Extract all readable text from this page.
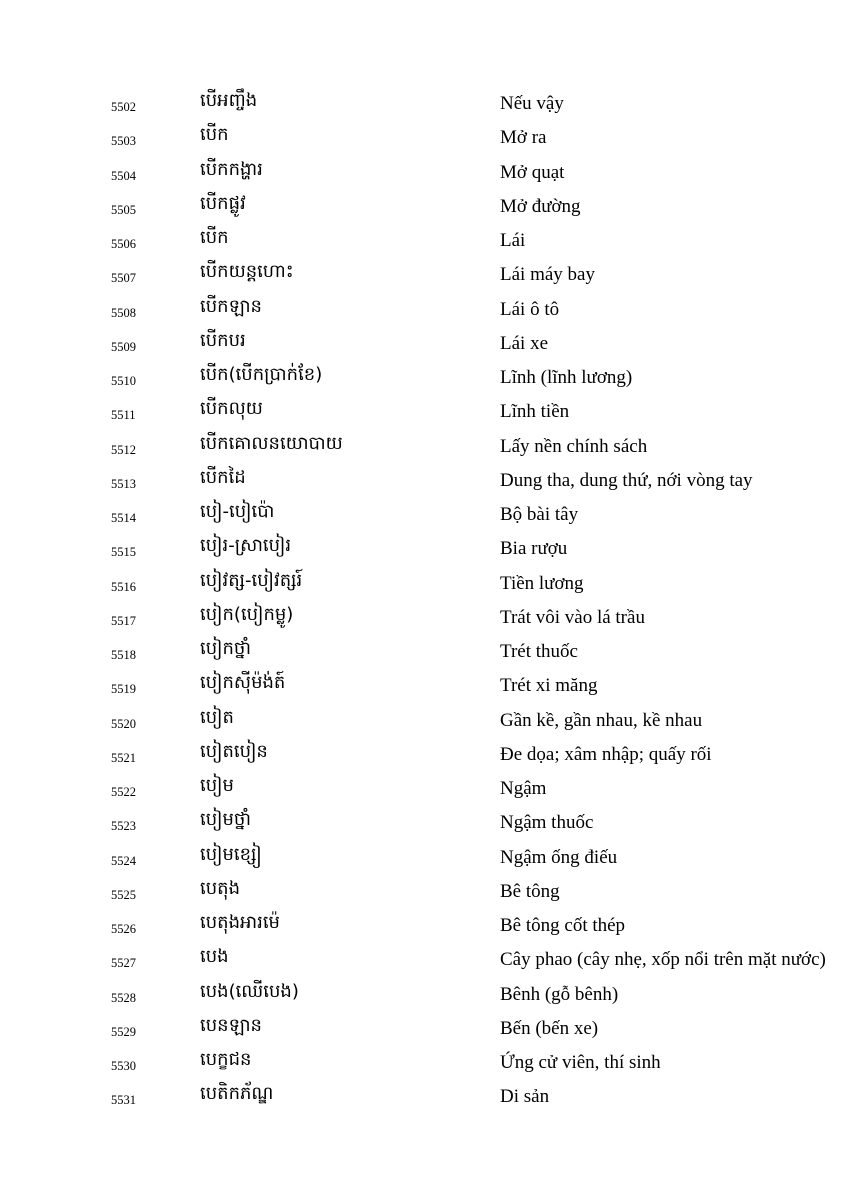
5502	បើអញ្ចឹង	Nếu vậy
5503	បើក	Mở ra
5504	បើកកង្ហារ	Mở quạt
5505	បើកផ្លូវ	Mở đường
5506	បើក	Lái
5507	បើកយន្តហោះ	Lái máy bay
5508	បើកឡាន	Lái ô tô
5509	បើកបរ	Lái xe
5510	បើក(បើកប្រាក់ខែ)	Lĩnh (lĩnh lương)
5511	បើកលុយ	Lĩnh tiền
5512	បើកគោលនយោបាយ	Lấy nền chính sách
5513	បើកដៃ	Dung tha, dung thứ, nới vòng tay
5514	បៀ-បៀប៉ោ	Bộ bài tây
5515	បៀរ-ស្រាបៀរ	Bia rượu
5516	បៀវត្ស-បៀវត្សរ៍	Tiền lương
5517	បៀក(បៀកម្លូ)	Trát vôi vào lá trầu
5518	បៀកថ្នាំ	Trét thuốc
5519	បៀកស៊ីម៉ង់ត៍	Trét xi măng
5520	បៀត	Gần kề, gần nhau, kề nhau
5521	បៀតបៀន	Đe dọa; xâm nhập; quấy rối
5522	បៀម	Ngậm
5523	បៀមថ្នាំ	Ngậm thuốc
5524	បៀមខ្សៀ	Ngậm ống điếu
5525	បេតុង	Bê tông
5526	បេតុងអារម៉េ	Bê tông cốt thép
5527	បេង	Cây phao (cây nhẹ, xốp nổi trên mặt nước)
5528	បេង(ឈើបេង)	Bênh (gỗ bênh)
5529	បេនឡាន	Bến (bến xe)
5530	បេក្ខជន	Ứng cử viên, thí sinh
5531	បេតិកភ័ណ្ឌ	Di sản
